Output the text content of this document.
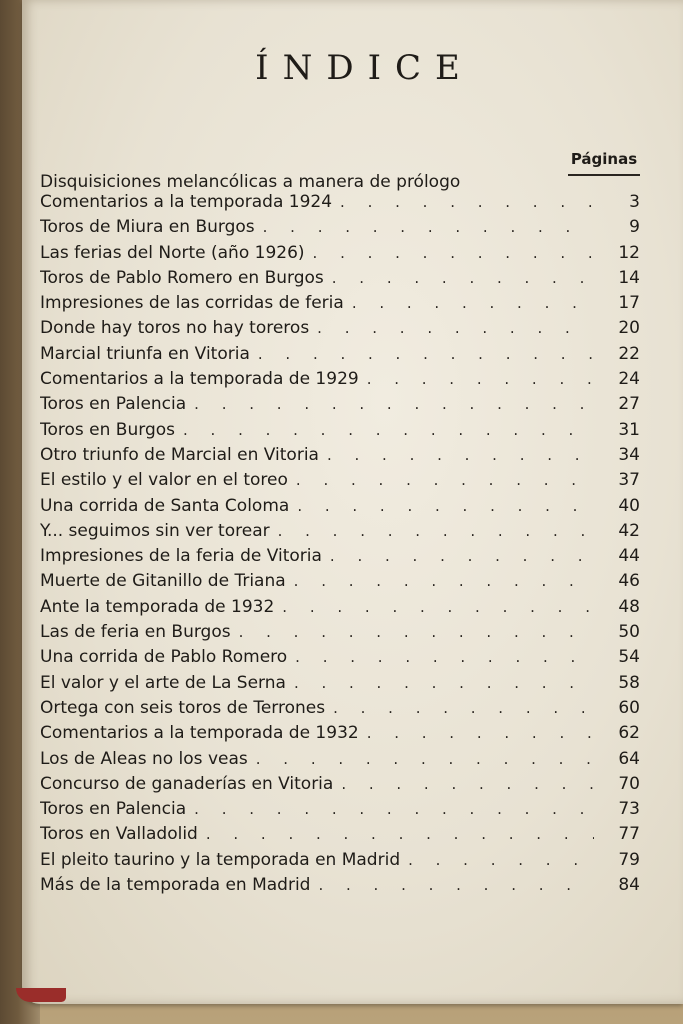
ÍNDICE
Páginas
Disquisiciones melancólicas a manera de prólogo
Comentarios a la temporada 1924 . . .	3
Toros de Miura en Burgos . . .	9
Las ferias del Norte (año 1926) . . .	12
Toros de Pablo Romero en Burgos . . .	14
Impresiones de las corridas de feria . . .	17
Donde hay toros no hay toreros . . .	20
Marcial triunfa en Vitoria . . .	22
Comentarios a la temporada de 1929 . . .	24
Toros en Palencia . . .	27
Toros en Burgos . . .	31
Otro triunfo de Marcial en Vitoria . . .	34
El estilo y el valor en el toreo . . .	37
Una corrida de Santa Coloma . . .	40
Y... seguimos sin ver torear . . .	42
Impresiones de la feria de Vitoria . . .	44
Muerte de Gitanillo de Triana . . .	46
Ante la temporada de 1932 . . .	48
Las de feria en Burgos . . .	50
Una corrida de Pablo Romero . . .	54
El valor y el arte de La Serna . . .	58
Ortega con seis toros de Terrones . . .	60
Comentarios a la temporada de 1932 . . .	62
Los de Aleas no los veas . . .	64
Concurso de ganaderías en Vitoria . . .	70
Toros en Palencia . . .	73
Toros en Valladolid . . .	77
El pleito taurino y la temporada en Madrid . . .	79
Más de la temporada en Madrid . . .	84
